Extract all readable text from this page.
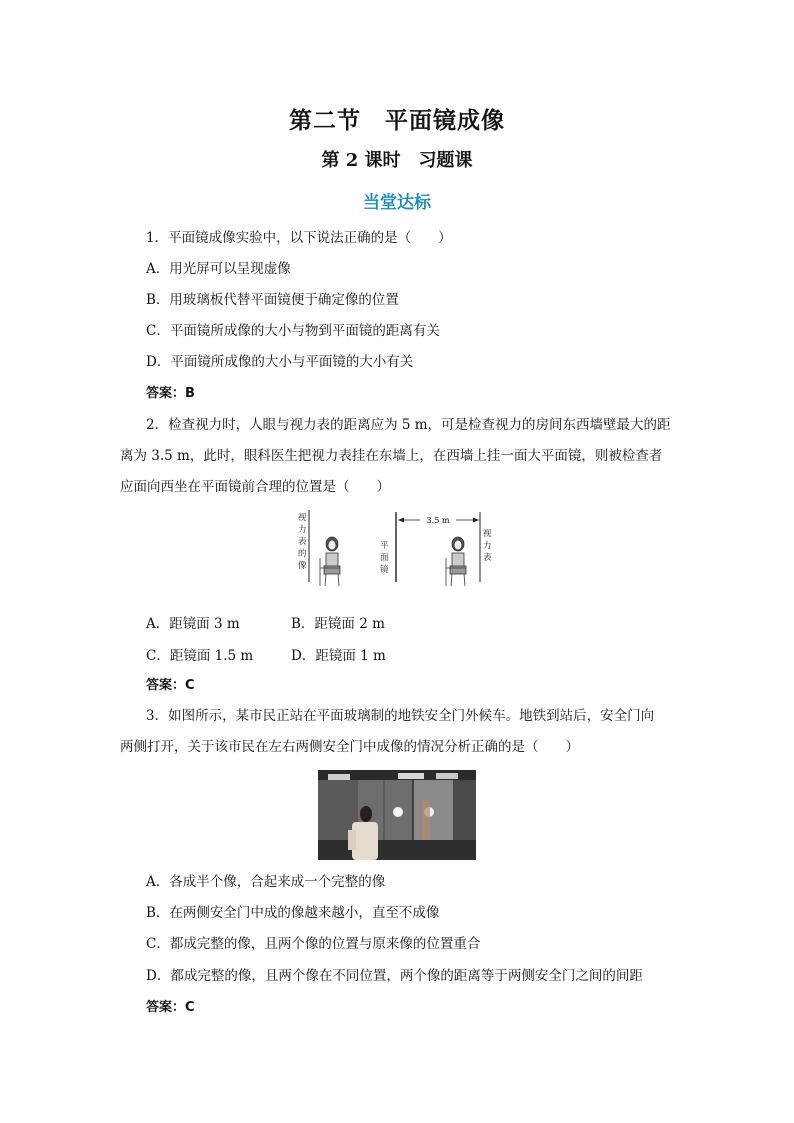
第二节　平面镜成像
第 2 课时　习题课
当堂达标
1．平面镜成像实验中，以下说法正确的是（　　）
A．用光屏可以呈现虚像
B．用玻璃板代替平面镜便于确定像的位置
C．平面镜所成像的大小与物到平面镜的距离有关
D．平面镜所成像的大小与平面镜的大小有关
答案：B
2．检查视力时，人眼与视力表的距离应为 5 m，可是检查视力的房间东西墙壁最大的距
离为 3.5 m，此时，眼科医生把视力表挂在东墙上，在西墙上挂一面大平面镜，则被检查者
应面向西坐在平面镜前合理的位置是（　　）
视
力
表
的
像
平
面
镜
3.5 m
视
力
表
A．距镜面 3 m	B．距镜面 2 m
C．距镜面 1.5 m	D．距镜面 1 m
答案：C
3．如图所示，某市民正站在平面玻璃制的地铁安全门外候车。地铁到站后，安全门向
两侧打开，关于该市民在左右两侧安全门中成像的情况分析正确的是（　　）
A．各成半个像，合起来成一个完整的像
B．在两侧安全门中成的像越来越小，直至不成像
C．都成完整的像，且两个像的位置与原来像的位置重合
D．都成完整的像，且两个像在不同位置，两个像的距离等于两侧安全门之间的间距
答案：C
